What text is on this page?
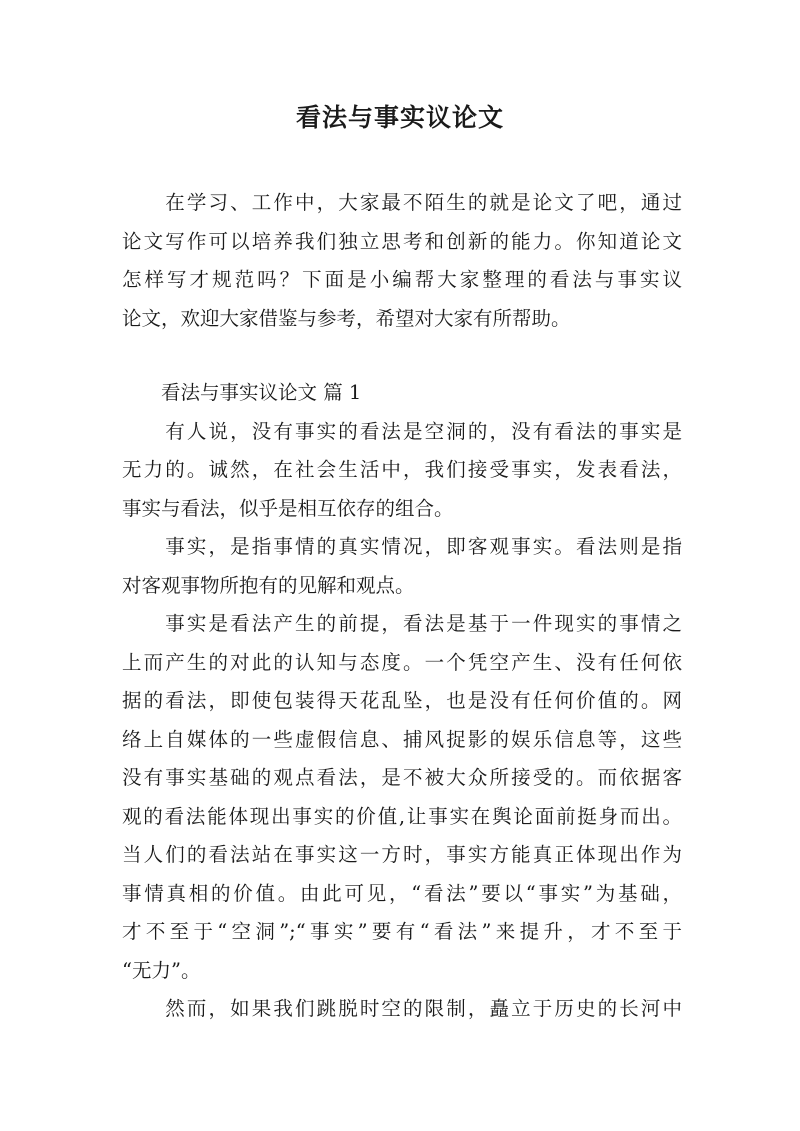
看法与事实议论文
　　在学习、工作中，大家最不陌生的就是论文了吧，通过
论文写作可以培养我们独立思考和创新的能力。你知道论文
怎样写才规范吗？下面是小编帮大家整理的看法与事实议
论文，欢迎大家借鉴与参考，希望对大家有所帮助。
　　看法与事实议论文 篇 1
　　有人说，没有事实的看法是空洞的，没有看法的事实是
无力的。诚然，在社会生活中，我们接受事实，发表看法，
事实与看法，似乎是相互依存的组合。
　　事实，是指事情的真实情况，即客观事实。看法则是指
对客观事物所抱有的见解和观点。
　　事实是看法产生的前提，看法是基于一件现实的事情之
上而产生的对此的认知与态度。一个凭空产生、没有任何依
据的看法，即使包装得天花乱坠，也是没有任何价值的。网
络上自媒体的一些虚假信息、捕风捉影的娱乐信息等，这些
没有事实基础的观点看法，是不被大众所接受的。而依据客
观的看法能体现出事实的价值,让事实在舆论面前挺身而出。
当人们的看法站在事实这一方时，事实方能真正体现出作为
事情真相的价值。由此可见，“看法”要以“事实”为基础，
才不至于“空洞”;“事实”要有“看法”来提升，才不至于
“无力”。
　　然而，如果我们跳脱时空的限制，矗立于历史的长河中
